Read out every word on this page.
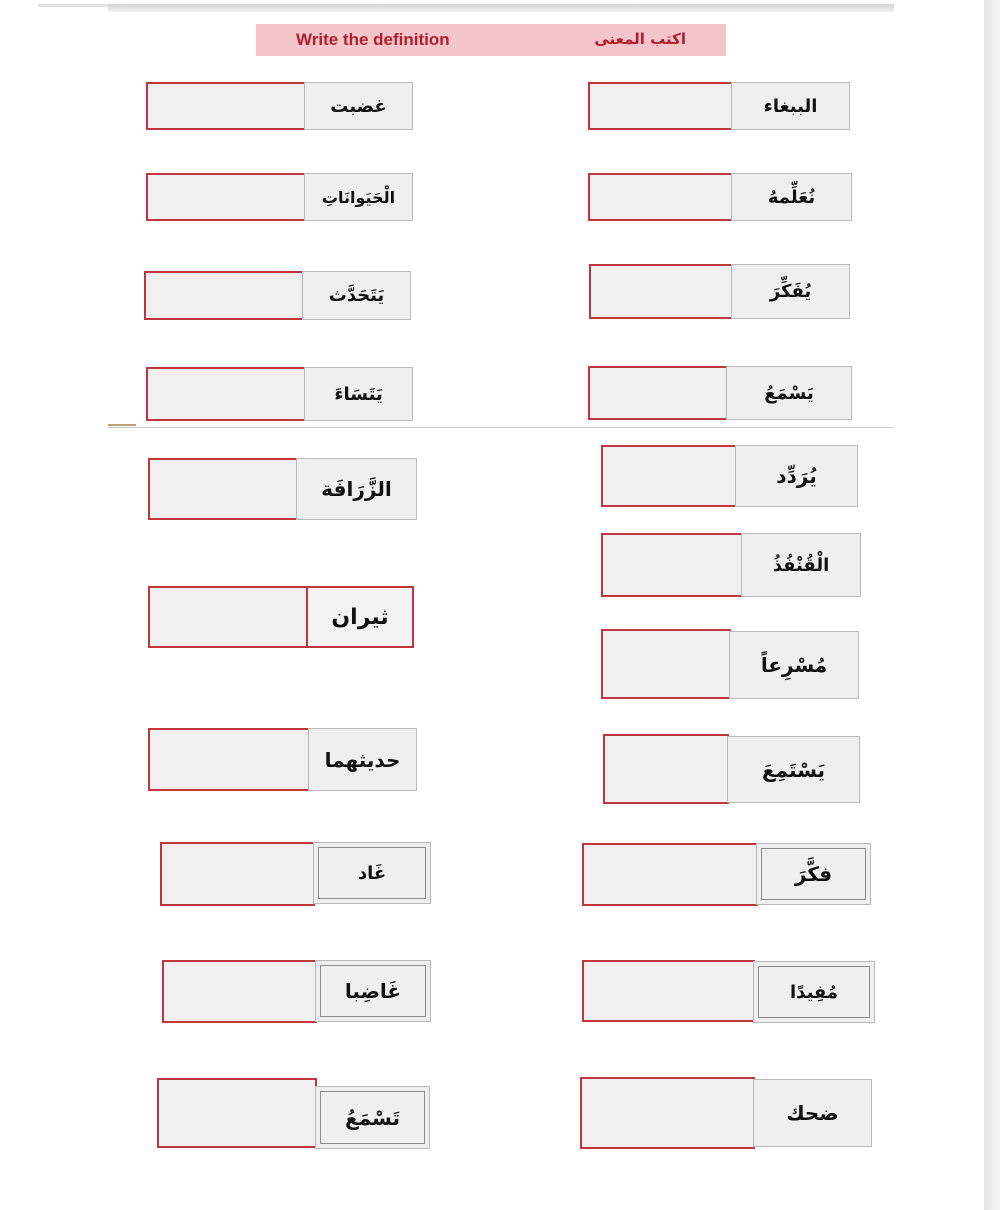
Write the definition	اكتب المعنى
غضبت
الْحَيَوانَاتِ
يَتَحَدَّث
يَتَسَاءَ
الزَّرَافَة
ثيران
حديثهما
غَاد
غَاضِبا
تَسْمَعُ
الببغاء
نُعَلِّمهُ
يُفَكِّرَ
يَسْمَعُ
يُرَدِّد
الْقُنْفُذُ
مُسْرِعاً
يَسْتَمِعَ
فكَّرَ
مُفِيدًا
ضحك
